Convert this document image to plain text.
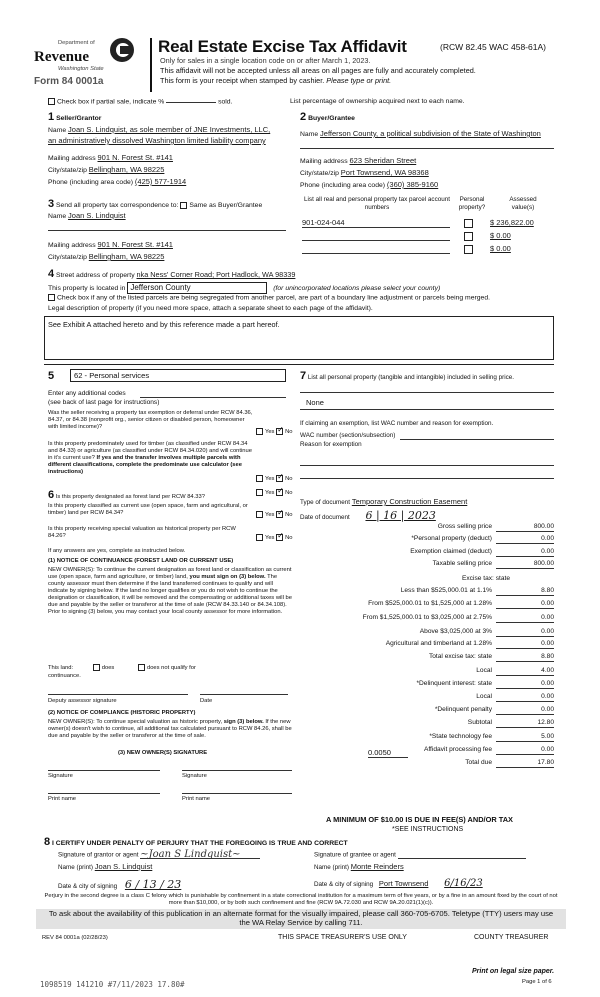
Department of
Revenue
Washington State
Form 84 0001a
Real Estate Excise Tax Affidavit	(RCW 82.45 WAC 458-61A)
Only for sales in a single location code on or after March 1, 2023.
This affidavit will not be accepted unless all areas on all pages are fully and accurately completed.
This form is your receipt when stamped by cashier. Please type or print.
Check box if partial sale, indicate %	sold.	List percentage of ownership acquired next to each name.
1 Seller/Grantor
Name Joan S. Lindquist, as sole member of JNE Investments, LLC,
an administratively dissolved Washington limited liability company
Mailing address 901 N. Forest St. #141
City/state/zip Bellingham, WA 98225
Phone (including area code) (425) 577-1914
2 Buyer/Grantee
Name Jefferson County, a political subdivision of the State of Washington
Mailing address 623 Sheridan Street
City/state/zip Port Townsend, WA 98368
Phone (including area code) (360) 385-9160
3 Send all property tax correspondence to: Same as Buyer/Grantee
Name Joan S. Lindquist
Mailing address 901 N. Forest St. #141
City/state/zip Bellingham, WA 98225
List all real and personal property tax parcel account numbers
Personal property?
Assessed value(s)
901-024-044	$ 236,822.00
$ 0.00
$ 0.00
4 Street address of property nka Ness' Corner Road; Port Hadlock, WA 98339
This property is located in Jefferson County	(for unincorporated locations please select your county)
Check box if any of the listed parcels are being segregated from another parcel, are part of a boundary line adjustment or parcels being merged.
Legal description of property (if you need more space, attach a separate sheet to each page of the affidavit).
See Exhibit A attached hereto and by this reference made a part hereof.
5	62 - Personal services
Enter any additional codes
(see back of last page for instructions)
Was the seller receiving a property tax exemption or deferral under RCW 84.36, 84.37, or 84.38 (nonprofit org., senior citizen or disabled person, homeowner with limited income)?
Yes ✓ No
Is this property predominately used for timber (as classified under RCW 84.34 and 84.33) or agriculture (as classified under RCW 84.34.020) and will continue in it's current use? If yes and the transfer involves multiple parcels with different classifications, complete the predominate use calculator (see instructions)
Yes ✓ No
6 Is this property designated as forest land per RCW 84.33?
Yes ✓ No
Is this property classified as current use (open space, farm and agricultural, or timber) land per RCW 84.34?	Yes ✓ No
Is this property receiving special valuation as historical property per RCW 84.26?	Yes ✓ No
If any answers are yes, complete as instructed below.
(1) NOTICE OF CONTINUANCE (FOREST LAND OR CURRENT USE)
NEW OWNER(S): To continue the current designation as forest land or classification as current use (open space, farm and agriculture, or timber) land, you must sign on (3) below. The county assessor must then determine if the land transferred continues to qualify and will indicate by signing below. If the land no longer qualifies or you do not wish to continue the designation or classification, it will be removed and the compensating or additional taxes will be due and payable by the seller or transferor at the time of sale (RCW 84.33.140 or 84.34.108). Prior to signing (3) below, you may contact your local county assessor for more information.
This land:	does	does not qualify for
continuance.
Deputy assessor signature	Date
(2) NOTICE OF COMPLIANCE (HISTORIC PROPERTY)
NEW OWNER(S): To continue special valuation as historic property, sign (3) below. If the new owner(s) doesn't wish to continue, all additional tax calculated pursuant to RCW 84.26, shall be due and payable by the seller or transferor at the time of sale.
(3) NEW OWNER(S) SIGNATURE
Signature	Signature
Print name	Print name
7 List all personal property (tangible and intangible) included in selling price.
None
If claiming an exemption, list WAC number and reason for exemption.
WAC number (section/subsection)
Reason for exemption
Type of document Temporary Construction Easement
Date of document 6 | 16 | 2023
Gross selling price	800.00
*Personal property (deduct)	0.00
Exemption claimed (deduct)	0.00
Taxable selling price	800.00
Excise tax: state
Less than $525,000.01 at 1.1%	8.80
From $525,000.01 to $1,525,000 at 1.28%	0.00
From $1,525,000.01 to $3,025,000 at 2.75%	0.00
Above $3,025,000 at 3%	0.00
Agricultural and timberland at 1.28%	0.00
Total excise tax: state	8.80
Local	4.00
*Delinquent interest: state	0.00
Local	0.00
*Delinquent penalty	0.00
Subtotal	12.80
*State technology fee	5.00
Affidavit processing fee	0.00
Total due	17.80
0.0050
A MINIMUM OF $10.00 IS DUE IN FEE(S) AND/OR TAX
*SEE INSTRUCTIONS
8 I CERTIFY UNDER PENALTY OF PERJURY THAT THE FOREGOING IS TRUE AND CORRECT
Signature of grantor or agent ~Joan S Lindquist~
Name (print) Joan S. Lindquist
Date & city of signing 6 / 13 / 23
Signature of grantee or agent
Name (print) Monte Reinders
Date & city of signing Port Townsend 6/16/23
Perjury in the second degree is a class C felony which is punishable by confinement in a state correctional institution for a maximum term of five years, or by a fine in an amount fixed by the court of not more than $10,000, or by both such confinement and fine (RCW 9A.72.030 and RCW 9A.20.021(1)(c)).
To ask about the availability of this publication in an alternate format for the visually impaired, please call 360-705-6705. Teletype (TTY) users may use the WA Relay Service by calling 711.
REV 84 0001a (02/28/23)	THIS SPACE TREASURER'S USE ONLY	COUNTY TREASURER
Print on legal size paper.
Page 1 of 6
1098519 141210 #7/11/2023 17.80#
